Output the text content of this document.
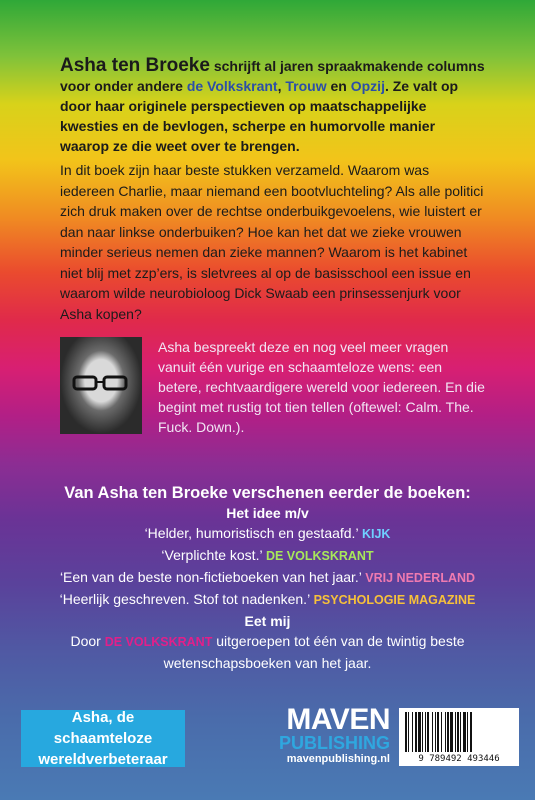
Asha ten Broeke schrijft al jaren spraakmakende columns voor onder andere de Volkskrant, Trouw en Opzij. Ze valt op door haar originele perspectieven op maatschappelijke kwesties en de bevlogen, scherpe en humorvolle manier waarop ze die weet over te brengen.
In dit boek zijn haar beste stukken verzameld. Waarom was iedereen Charlie, maar niemand een bootvluchteling? Als alle politici zich druk maken over de rechtse onderbuikgevoelens, wie luistert er dan naar linkse onderbuiken? Hoe kan het dat we zieke vrouwen minder serieus nemen dan zieke mannen? Waarom is het kabinet niet blij met zzp’ers, is sletvrees al op de basisschool een issue en waarom wilde neurobioloog Dick Swaab een prinsessenjurk voor Asha kopen?
Asha bespreekt deze en nog veel meer vragen vanuit één vurige en schaamteloze wens: een betere, rechtvaardigere wereld voor iedereen. En die begint met rustig tot tien tellen (oftewel: Calm. The. Fuck. Down.).
Van Asha ten Broeke verschenen eerder de boeken:
Het idee m/v
‘Helder, humoristisch en gestaafd.’ KIJK
‘Verplichte kost.’ DE VOLKSKRANT
‘Een van de beste non-fictieboeken van het jaar.’ VRIJ NEDERLAND
‘Heerlijk geschreven. Stof tot nadenken.’ PSYCHOLOGIE MAGAZINE
Eet mij
Door DE VOLKSKRANT uitgeroepen tot één van de twintig beste wetenschapsboeken van het jaar.
Asha, de schaamteloze
wereldverbeteraar
MAVEN
PUBLISHING
mavenpublishing.nl	9 789492 493446
